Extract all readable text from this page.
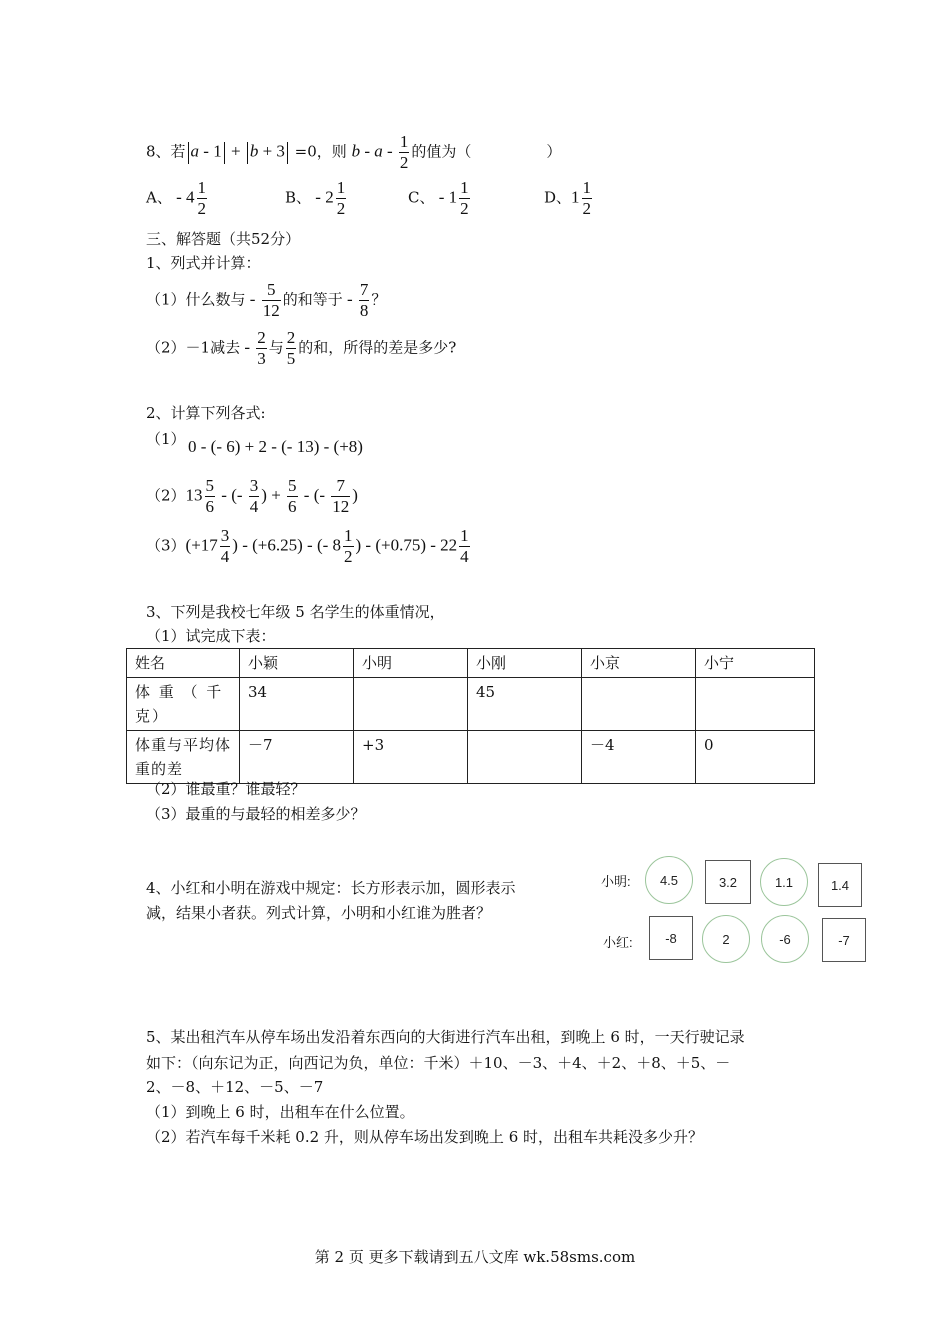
8、若 a - 1 + b + 3 =0，则 b - a - $\frac{1}{2}$ 的值为（　　　　　）
A、 - $4 \frac{1}{2}$	B、 - $2 \frac{1}{2}$	C、 - $1 \frac{1}{2}$	D、$1 \frac{1}{2}$
三、解答题（共52分）
1、列式并计算：
（1）什么数与 - $\frac{5}{12}$ 的和等于 - $\frac{7}{8}$ ？
（2）－1减去 - $\frac{2}{3}$ 与 $\frac{2}{5}$ 的和，所得的差是多少?
2、计算下列各式:
（1） 0 - (- 6) + 2 - (- 13) - (+8)
$(2)13 \frac{5}{6}$ - (- $\frac{3}{4}$ ) + $\frac{5}{6}$ - (- $\frac{7}{12}$ )
$(3)(+17 \frac{3}{4}$ ) - (+6.25) - (- $8 \frac{1}{2}$ ) - $(+0.75) - 22 \frac{1}{4}$
3、下列是我校七年级 5 名学生的体重情况，
（1）试完成下表：
姓名	小颖	小明	小刚	小京	小宁
体 重 （ 千 克）	34		45		
体重与平均体重的差	－7	+3		－4	0
（2）谁最重？谁最轻？
（3）最重的与最轻的相差多少？
4、小红和小明在游戏中规定：长方形表示加，圆形表示
减，结果小者获。列式计算，小明和小红谁为胜者？
小明:	4.5	3.2	1.1	1.4
小红:	-8	2	-6	-7
5、某出租汽车从停车场出发沿着东西向的大街进行汽车出租，到晚上 6 时，一天行驶记录
如下：（向东记为正，向西记为负，单位：千米）＋10、－3、＋4、＋2、＋8、＋5、－
2、－8、＋12、－5、－7
（1）到晚上 6 时，出租车在什么位置。
（2）若汽车每千米耗 0.2 升，则从停车场出发到晚上 6 时，出租车共耗没多少升？
第 2 页 更多下载请到五八文库 wk.58sms.com
